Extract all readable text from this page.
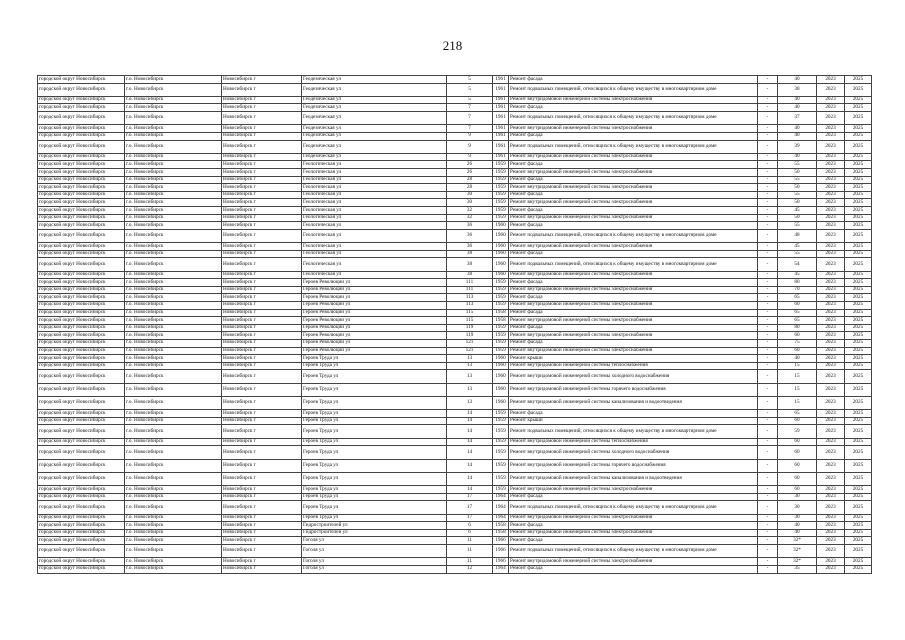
218
городской округ Новосибирск	г.о. Новосибирск	Новосибирск г	Геодезическая ул	5	1961	Ремонт фасада	-	40	2023	2025
городской округ Новосибирск	г.о. Новосибирск	Новосибирск г	Геодезическая ул	5	1961	Ремонт подвальных помещений, относящихся к общему имуществу в многоквартирном доме	-	38	2023	2025
городской округ Новосибирск	г.о. Новосибирск	Новосибирск г	Геодезическая ул	5	1961	Ремонт внутридомовой инженерной системы электроснабжения	-	40	2023	2025
городской округ Новосибирск	г.о. Новосибирск	Новосибирск г	Геодезическая ул	7	1961	Ремонт фасада	-	40	2023	2025
городской округ Новосибирск	г.о. Новосибирск	Новосибирск г	Геодезическая ул	7	1961	Ремонт подвальных помещений, относящихся к общему имуществу в многоквартирном доме	-	37	2023	2025
городской округ Новосибирск	г.о. Новосибирск	Новосибирск г	Геодезическая ул	7	1961	Ремонт внутридомовой инженерной системы электроснабжения	-	40	2023	2025
городской округ Новосибирск	г.о. Новосибирск	Новосибирск г	Геодезическая ул	9	1961	Ремонт фасада	-	40	2023	2025
городской округ Новосибирск	г.о. Новосибирск	Новосибирск г	Геодезическая ул	9	1961	Ремонт подвальных помещений, относящихся к общему имуществу в многоквартирном доме	-	39	2023	2025
городской округ Новосибирск	г.о. Новосибирск	Новосибирск г	Геодезическая ул	9	1961	Ремонт внутридомовой инженерной системы электроснабжения	-	40	2023	2025
городской округ Новосибирск	г.о. Новосибирск	Новосибирск г	Геологическая ул	26	1959	Ремонт фасада	-	55	2023	2025
городской округ Новосибирск	г.о. Новосибирск	Новосибирск г	Геологическая ул	26	1959	Ремонт внутридомовой инженерной системы электроснабжения	-	50	2023	2025
городской округ Новосибирск	г.о. Новосибирск	Новосибирск г	Геологическая ул	28	1959	Ремонт фасада	-	55	2023	2025
городской округ Новосибирск	г.о. Новосибирск	Новосибирск г	Геологическая ул	28	1959	Ремонт внутридомовой инженерной системы электроснабжения	-	50	2023	2025
городской округ Новосибирск	г.о. Новосибирск	Новосибирск г	Геологическая ул	30	1959	Ремонт фасада	-	55	2023	2025
городской округ Новосибирск	г.о. Новосибирск	Новосибирск г	Геологическая ул	30	1959	Ремонт внутридомовой инженерной системы электроснабжения	-	50	2023	2025
городской округ Новосибирск	г.о. Новосибирск	Новосибирск г	Геологическая ул	32	1959	Ремонт фасада	-	45	2023	2025
городской округ Новосибирск	г.о. Новосибирск	Новосибирск г	Геологическая ул	32	1959	Ремонт внутридомовой инженерной системы электроснабжения	-	50	2023	2025
городской округ Новосибирск	г.о. Новосибирск	Новосибирск г	Геологическая ул	36	1960	Ремонт фасада	-	55	2023	2025
городской округ Новосибирск	г.о. Новосибирск	Новосибирск г	Геологическая ул	36	1960	Ремонт подвальных помещений, относящихся к общему имуществу в многоквартирном доме	-	48	2023	2025
городской округ Новосибирск	г.о. Новосибирск	Новосибирск г	Геологическая ул	36	1960	Ремонт внутридомовой инженерной системы электроснабжения	-	45	2023	2025
городской округ Новосибирск	г.о. Новосибирск	Новосибирск г	Геологическая ул	38	1960	Ремонт фасада	-	55	2023	2025
городской округ Новосибирск	г.о. Новосибирск	Новосибирск г	Геологическая ул	38	1960	Ремонт подвальных помещений, относящихся к общему имуществу в многоквартирном доме	-	54	2023	2025
городской округ Новосибирск	г.о. Новосибирск	Новосибирск г	Геологическая ул	38	1960	Ремонт внутридомовой инженерной системы электроснабжения	-	45	2023	2025
городской округ Новосибирск	г.о. Новосибирск	Новосибирск г	Героев Революции ул	111	1959	Ремонт фасада	-	80	2023	2025
городской округ Новосибирск	г.о. Новосибирск	Новосибирск г	Героев Революции ул	111	1959	Ремонт внутридомовой инженерной системы электроснабжения	-	70	2023	2025
городской округ Новосибирск	г.о. Новосибирск	Новосибирск г	Героев Революции ул	113	1959	Ремонт фасада	-	65	2023	2025
городской округ Новосибирск	г.о. Новосибирск	Новосибирск г	Героев Революции ул	113	1959	Ремонт внутридомовой инженерной системы электроснабжения	-	60	2023	2025
городской округ Новосибирск	г.о. Новосибирск	Новосибирск г	Героев Революции ул	115	1958	Ремонт фасада	-	65	2023	2025
городской округ Новосибирск	г.о. Новосибирск	Новосибирск г	Героев Революции ул	115	1958	Ремонт внутридомовой инженерной системы электроснабжения	-	65	2023	2025
городской округ Новосибирск	г.о. Новосибирск	Новосибирск г	Героев Революции ул	119	1959	Ремонт фасада	-	80	2023	2025
городской округ Новосибирск	г.о. Новосибирск	Новосибирск г	Героев Революции ул	119	1959	Ремонт внутридомовой инженерной системы электроснабжения	-	60	2023	2025
городской округ Новосибирск	г.о. Новосибирск	Новосибирск г	Героев Революции ул	121	1959	Ремонт фасада	-	75	2023	2025
городской округ Новосибирск	г.о. Новосибирск	Новосибирск г	Героев Революции ул	121	1959	Ремонт внутридомовой инженерной системы электроснабжения	-	60	2023	2025
городской округ Новосибирск	г.о. Новосибирск	Новосибирск г	Героев Труда ул	13	1960	Ремонт крыши	-	40	2023	2025
городской округ Новосибирск	г.о. Новосибирск	Новосибирск г	Героев Труда ул	13	1960	Ремонт внутридомовой инженерной системы теплоснабжения	-	15	2023	2025
городской округ Новосибирск	г.о. Новосибирск	Новосибирск г	Героев Труда ул	13	1960	Ремонт внутридомовой инженерной системы холодного водоснабжения	-	15	2023	2025
городской округ Новосибирск	г.о. Новосибирск	Новосибирск г	Героев Труда ул	13	1960	Ремонт внутридомовой инженерной системы горячего водоснабжения	-	15	2023	2025
городской округ Новосибирск	г.о. Новосибирск	Новосибирск г	Героев Труда ул	13	1960	Ремонт внутридомовой инженерной системы канализования и водоотведения	-	15	2023	2025
городской округ Новосибирск	г.о. Новосибирск	Новосибирск г	Героев Труда ул	14	1959	Ремонт фасада	-	65	2023	2025
городской округ Новосибирск	г.о. Новосибирск	Новосибирск г	Героев Труда ул	14	1959	Ремонт крыши	-	60	2023	2025
городской округ Новосибирск	г.о. Новосибирск	Новосибирск г	Героев Труда ул	14	1959	Ремонт подвальных помещений, относящихся к общему имуществу в многоквартирном доме	-	59	2023	2025
городской округ Новосибирск	г.о. Новосибирск	Новосибирск г	Героев Труда ул	14	1959	Ремонт внутридомовой инженерной системы теплоснабжения	-	60	2023	2025
городской округ Новосибирск	г.о. Новосибирск	Новосибирск г	Героев Труда ул	14	1959	Ремонт внутридомовой инженерной системы холодного водоснабжения	-	60	2023	2025
городской округ Новосибирск	г.о. Новосибирск	Новосибирск г	Героев Труда ул	14	1959	Ремонт внутридомовой инженерной системы горячего водоснабжения	-	60	2023	2025
городской округ Новосибирск	г.о. Новосибирск	Новосибирск г	Героев Труда ул	14	1959	Ремонт внутридомовой инженерной системы канализования и водоотведения	-	60	2023	2025
городской округ Новосибирск	г.о. Новосибирск	Новосибирск г	Героев Труда ул	14	1959	Ремонт внутридомовой инженерной системы электроснабжения	-	60	2023	2025
городской округ Новосибирск	г.о. Новосибирск	Новосибирск г	Героев Труда ул	17	1964	Ремонт фасада	-	30	2023	2025
городской округ Новосибирск	г.о. Новосибирск	Новосибирск г	Героев Труда ул	17	1964	Ремонт подвальных помещений, относящихся к общему имуществу в многоквартирном доме	-	30	2023	2025
городской округ Новосибирск	г.о. Новосибирск	Новосибирск г	Героев Труда ул	17	1964	Ремонт внутридомовой инженерной системы электроснабжения	-	30	2023	2025
городской округ Новосибирск	г.о. Новосибирск	Новосибирск г	Гидростроителей ул	6	1958	Ремонт фасада	-	40	2023	2025
городской округ Новосибирск	г.о. Новосибирск	Новосибирск г	Гидростроителей ул	6	1958	Ремонт внутридомовой инженерной системы электроснабжения	-	40	2023	2025
городской округ Новосибирск	г.о. Новосибирск	Новосибирск г	Гоголя ул	11	1966	Ремонт фасада	-	32*	2023	2025
городской округ Новосибирск	г.о. Новосибирск	Новосибирск г	Гоголя ул	11	1966	Ремонт подвальных помещений, относящихся к общему имуществу в многоквартирном доме	-	32*	2023	2025
городской округ Новосибирск	г.о. Новосибирск	Новосибирск г	Гоголя ул	11	1966	Ремонт внутридомовой инженерной системы электроснабжения	-	32*	2023	2025
городской округ Новосибирск	г.о. Новосибирск	Новосибирск г	Гоголя ул	12	1964	Ремонт фасада	-	35	2023	2025
